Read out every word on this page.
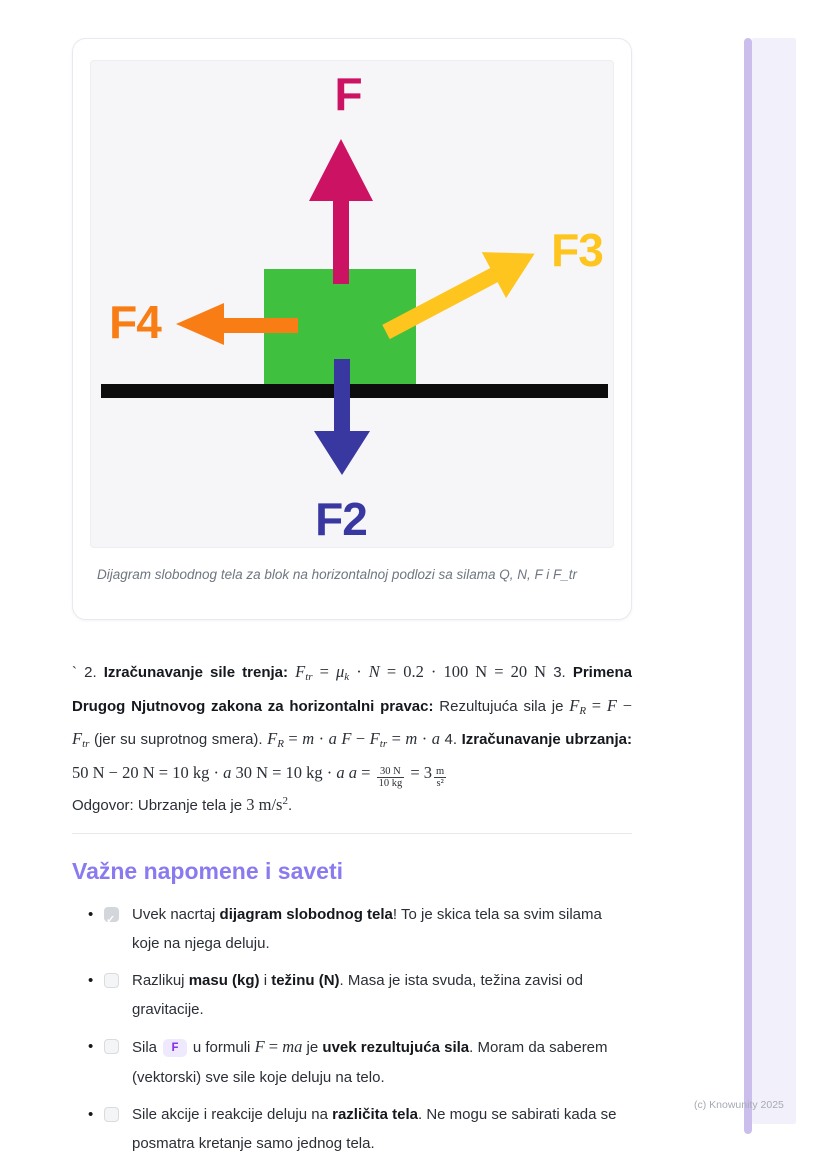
F
F2
F3
F4
Dijagram slobodnog tela za blok na horizontalnoj podlozi sa silama Q, N, F i F_tr
` 2. Izračunavanje sile trenja: $F_{tr} = \mu_k \cdot N = 0.2 \cdot 100$ N = 20 N 3. Primena Drugog Njutnovog zakona za horizontalni pravac: Rezultujuća sila je $F_R = F - F_{tr}$ (jer su suprotnog smera). $F_R = m \cdot a$ $F - F_{tr} = m \cdot a$ 4. Izračunavanje ubrzanja: 50 N − 20 N = 10 kg · a 30 N = 10 kg · a $a = \frac{30 N}{10 kg} = 3 \frac{m}{\text{s²}}$
Odgovor: Ubrzanje tela je 3 $m/s^2$.
Važne napomene i saveti
•	✓ Uvek nacrtaj dijagram slobodnog tela! To je skica tela sa svim silama koje na njega deluju.
•	Razlikuj masu (kg) i težinu (N). Masa je ista svuda, težina zavisi od gravitacije.
•	Sila F u formuli F = ma je uvek rezultujuća sila. Moram da saberem (vektorski) sve sile koje deluju na telo.
•	Sile akcije i reakcije deluju na različita tela. Ne mogu se sabirati kada se posmatra kretanje samo jednog tela.
(c) Knowunity 2025
